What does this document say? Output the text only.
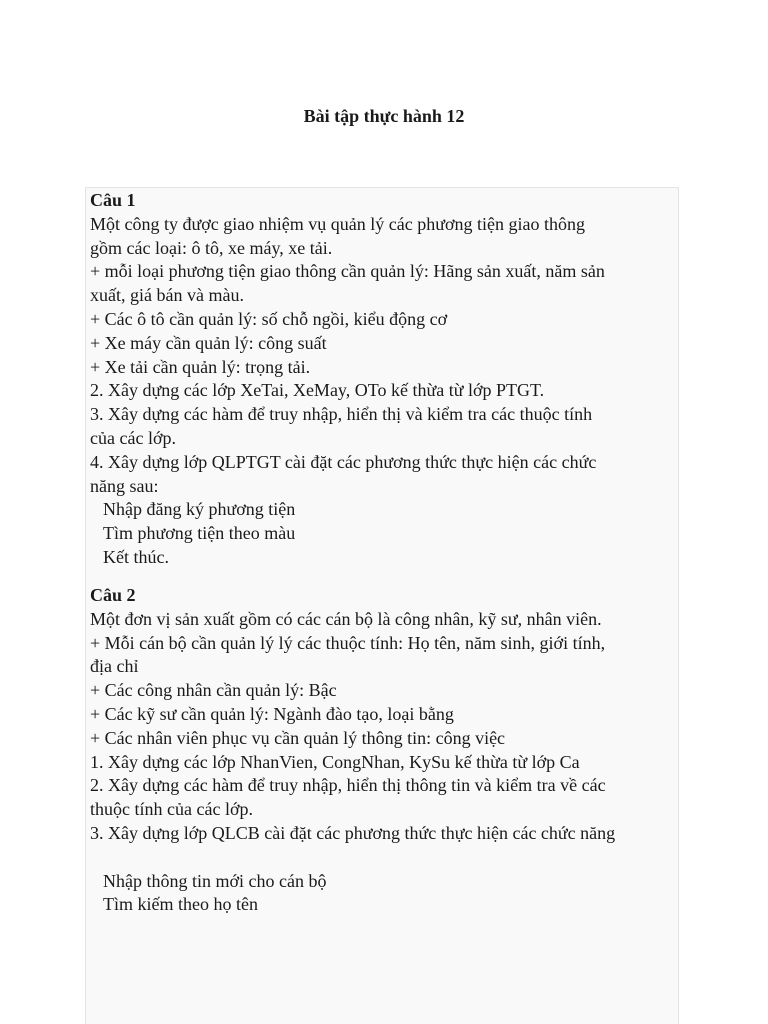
Bài tập thực hành 12
Câu 1
Một công ty được giao nhiệm vụ quản lý các phương tiện giao thông
gồm các loại: ô tô, xe máy, xe tải.
+ mỗi loại phương tiện giao thông cần quản lý: Hãng sản xuất, năm sản
xuất, giá bán và màu.
+ Các ô tô cần quản lý: số chỗ ngồi, kiểu động cơ
+ Xe máy cần quản lý: công suất
+ Xe tải cần quản lý: trọng tải.
2. Xây dựng các lớp XeTai, XeMay, OTo kế thừa từ lớp PTGT.
3. Xây dựng các hàm để truy nhập, hiển thị và kiểm tra các thuộc tính
của các lớp.
4. Xây dựng lớp QLPTGT cài đặt các phương thức thực hiện các chức
năng sau:
Nhập đăng ký phương tiện
Tìm phương tiện theo màu
Kết thúc.
Câu 2
Một đơn vị sản xuất gồm có các cán bộ là công nhân, kỹ sư, nhân viên.
+ Mỗi cán bộ cần quản lý lý các thuộc tính: Họ tên, năm sinh, giới tính,
địa chỉ
+ Các công nhân cần quản lý: Bậc
+ Các kỹ sư cần quản lý: Ngành đào tạo, loại bằng
+ Các nhân viên phục vụ cần quản lý thông tin: công việc
1. Xây dựng các lớp NhanVien, CongNhan, KySu kế thừa từ lớp Ca
2. Xây dựng các hàm để truy nhập, hiển thị thông tin và kiểm tra về các
thuộc tính của các lớp.
3. Xây dựng lớp QLCB cài đặt các phương thức thực hiện các chức năng
Nhập thông tin mới cho cán bộ
Tìm kiếm theo họ tên
